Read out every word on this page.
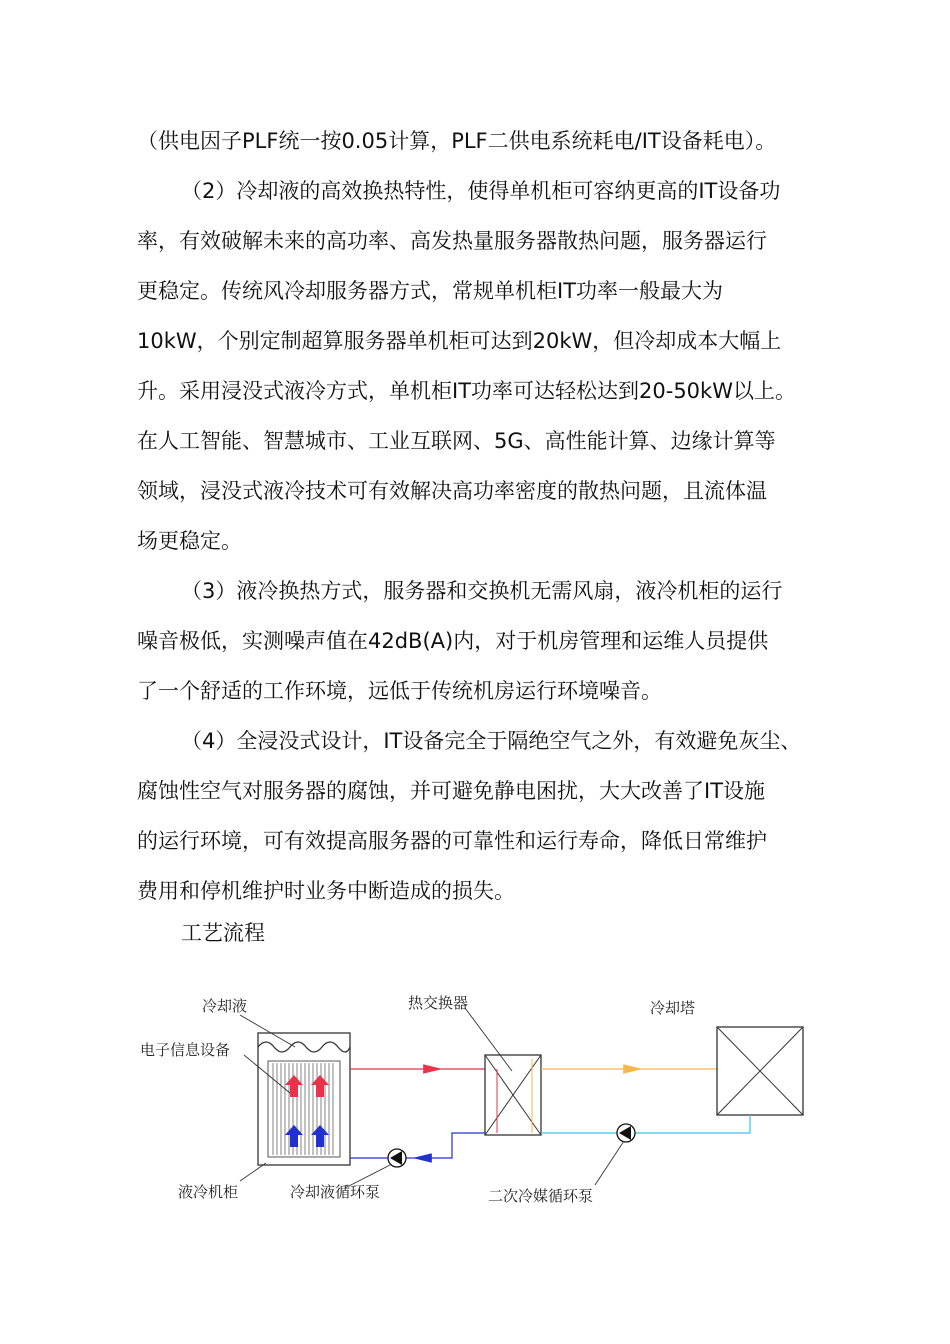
（供电因子PLF统一按0.05计算，PLF二供电系统耗电/IT设备耗电）。
（2）冷却液的高效换热特性，使得单机柜可容纳更高的IT设备功
率，有效破解未来的高功率、高发热量服务器散热问题，服务器运行
更稳定。传统风冷却服务器方式，常规单机柜IT功率一般最大为
10kW，个别定制超算服务器单机柜可达到20kW，但冷却成本大幅上
升。采用浸没式液冷方式，单机柜IT功率可达轻松达到20-50kW以上。
在人工智能、智慧城市、工业互联网、5G、高性能计算、边缘计算等
领域，浸没式液冷技术可有效解决高功率密度的散热问题，且流体温
场更稳定。
（3）液冷换热方式，服务器和交换机无需风扇，液冷机柜的运行
噪音极低，实测噪声值在42dB(A)内，对于机房管理和运维人员提供
了一个舒适的工作环境，远低于传统机房运行环境噪音。
（4）全浸没式设计，IT设备完全于隔绝空气之外，有效避免灰尘、
腐蚀性空气对服务器的腐蚀，并可避免静电困扰，大大改善了IT设施
的运行环境，可有效提高服务器的可靠性和运行寿命，降低日常维护
费用和停机维护时业务中断造成的损失。
工艺流程
冷却液
电子信息设备
液冷机柜	冷却液循环泵
热交换器	冷却塔
二次冷媒循环泵
